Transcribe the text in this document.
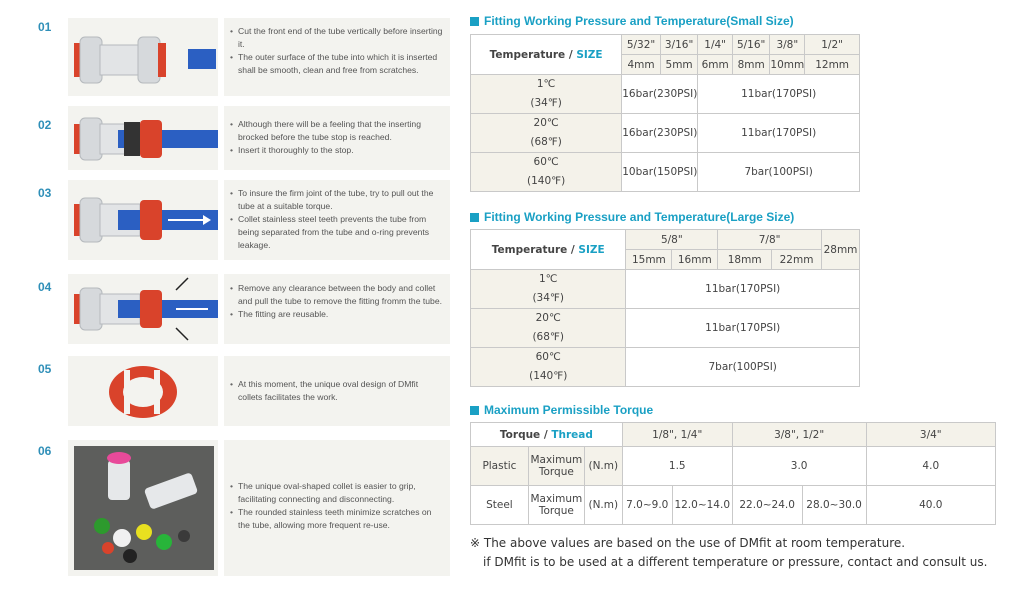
01	• Cut the front end of the tube vertically before inserting it.
• The outer surface of the tube into which it is inserted shall be smooth, clean and free from scratches.
02	• Although there will be a feeling that the inserting brocked before the tube stop is reached.
• Insert it thoroughly to the stop.
03	• To insure the firm joint of the tube, try to pull out the tube at a suitable torque.
• Collet stainless steel teeth prevents the tube from being separated from the tube and o-ring prevents leakage.
04	• Remove any clearance between the body and collet and pull the tube to remove the fitting fromm the tube.
• The fitting are reusable.
05
• At this moment, the unique oval design of DMfit collets facilitates the work.
06
• The unique oval-shaped collet is easier to grip, facilitating connecting and disconnecting.
• The rounded stainless teeth minimize scratches on the tube, allowing more frequent re-use.
Fitting Working Pressure and Temperature(Small Size)
Temperature / SIZE	5/32"	3/16"	1/4"	5/16"	3/8"	1/2"
	4mm	5mm	6mm	8mm	10mm	12mm

1℃
(34℉)	16bar(230PSI)		11bar(170PSI)			

20℃
(68℉)	16bar(230PSI)		11bar(170PSI)			

60℃
(140℉)	10bar(150PSI)		7bar(100PSI)			
Fitting Working Pressure and Temperature(Large Size)
Temperature / SIZE	5/8"		7/8"		28mm
	15mm	16mm	18mm	22mm	

1℃
(34℉)	11bar(170PSI)				

20℃
(68℉)	11bar(170PSI)				

60℃
(140℉)	7bar(100PSI)				
Maximum Permissible Torque
Torque / Thread			1/8", 1/4"		3/8", 1/2"		3/4"
Plastic	Maximum
Torque	(N.m)	1.5		3.0		4.0
Steel	Maximum
Torque	(N.m)	7.0~9.0	12.0~14.0	22.0~24.0	28.0~30.0	40.0
※ The above values are based on the use of DMfit at room temperature.
if DMfit is to be used at a different temperature or pressure, contact and consult us.
